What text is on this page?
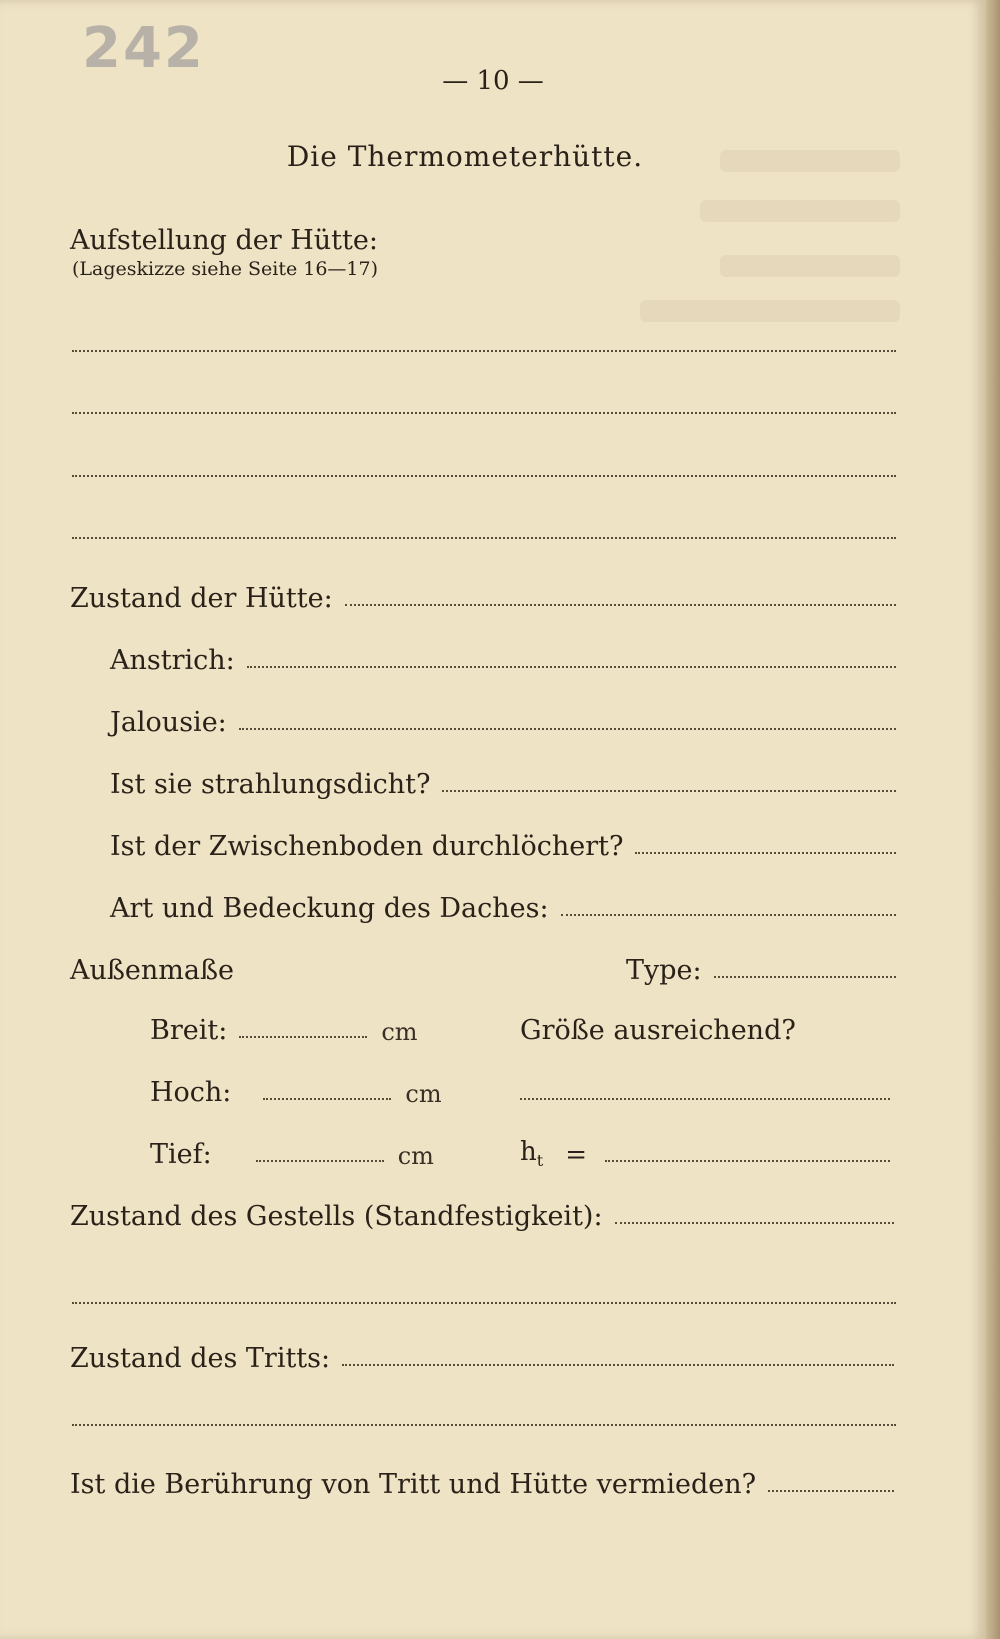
242	— 10 —
Die Thermometerhütte.
Aufstellung der Hütte:
(Lageskizze siehe Seite 16—17)
Zustand der Hütte:
Anstrich:
Jalousie:
Ist sie strahlungsdicht?
Ist der Zwischenboden durchlöchert?
Art und Bedeckung des Daches:
Außenmaße	Type:
Breit:	cm	Größe ausreichend?
Hoch:	cm
Tief:	cm	$h_t$ =
Zustand des Gestells (Standfestigkeit):
Zustand des Tritts:
Ist die Berührung von Tritt und Hütte vermieden?
